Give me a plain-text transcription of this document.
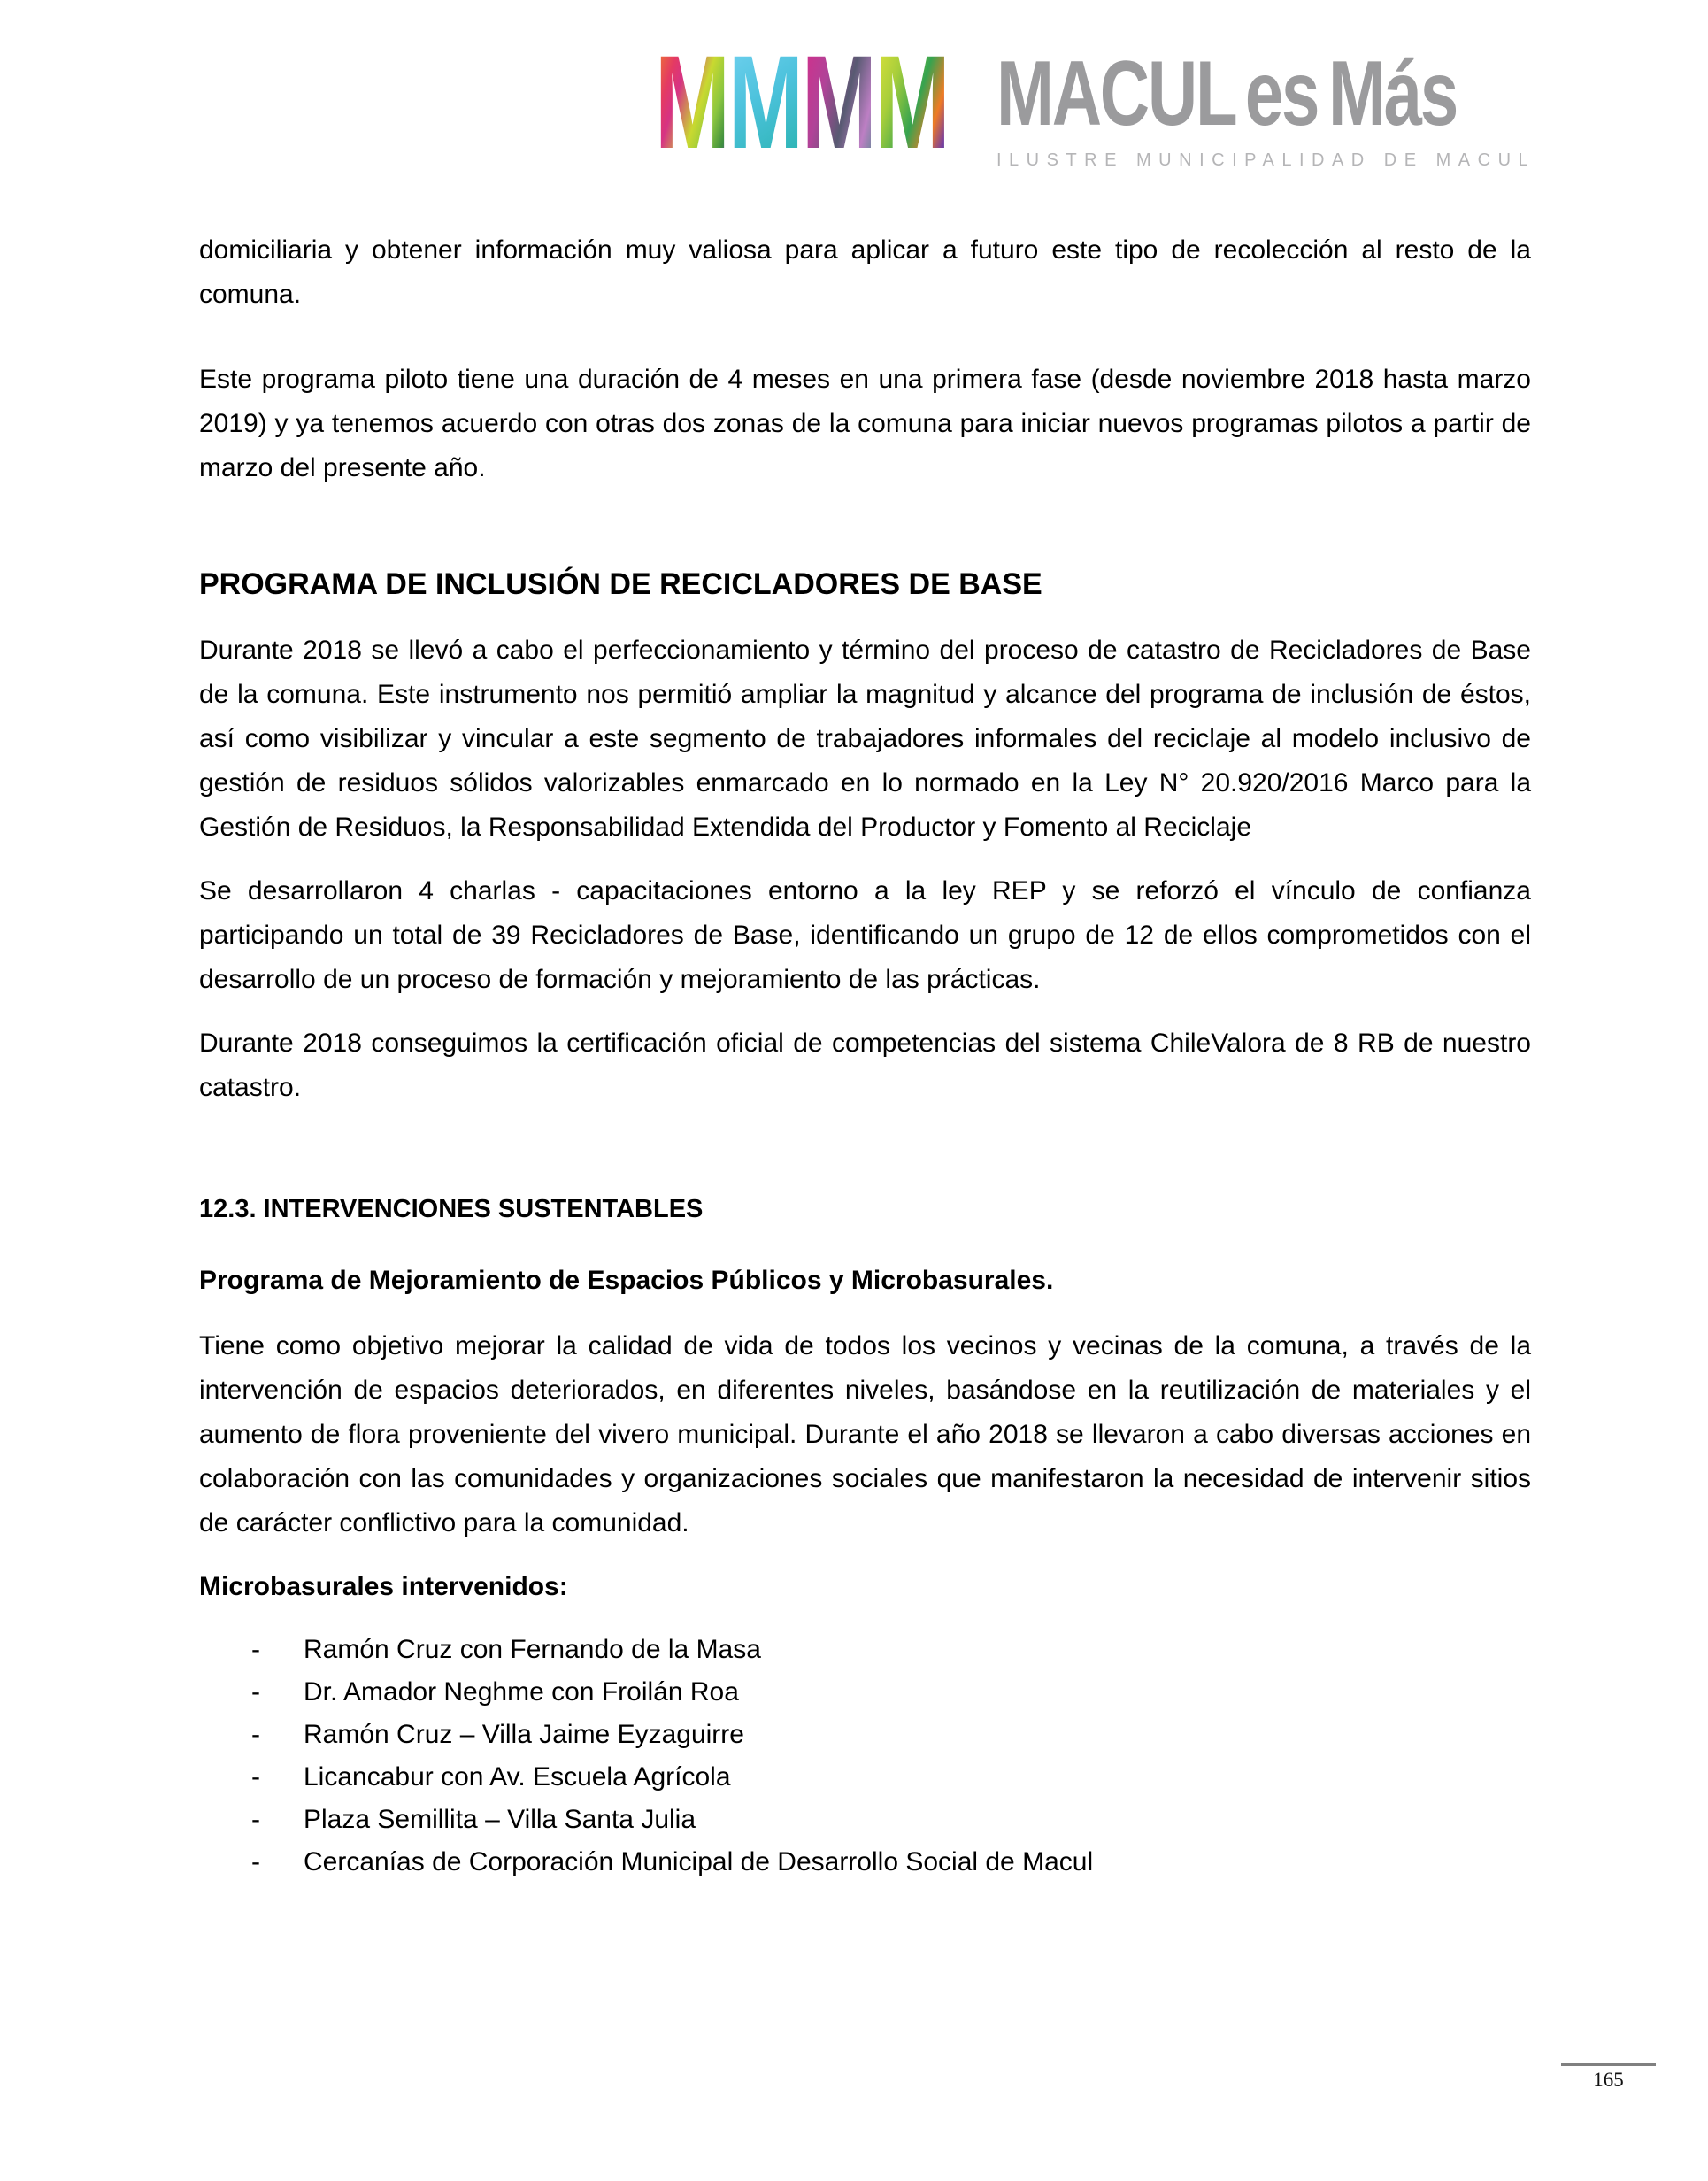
M M M M MACUL es Más
ILUSTRE MUNICIPALIDAD DE MACUL

domiciliaria y obtener información muy valiosa para aplicar a futuro este tipo de recolección al resto de la comuna.

Este programa piloto tiene una duración de 4 meses en una primera fase (desde noviembre 2018 hasta marzo 2019) y ya tenemos acuerdo con otras dos zonas de la comuna para iniciar nuevos programas pilotos a partir de marzo del presente año.

PROGRAMA DE INCLUSIÓN DE RECICLADORES DE BASE

Durante 2018 se llevó a cabo el perfeccionamiento y término del proceso de catastro de Recicladores de Base de la comuna. Este instrumento nos permitió ampliar la magnitud y alcance del programa de inclusión de éstos, así como visibilizar y vincular a este segmento de trabajadores informales del reciclaje al modelo inclusivo de gestión de residuos sólidos valorizables enmarcado en lo normado en la Ley N° 20.920/2016 Marco para la Gestión de Residuos, la Responsabilidad Extendida del Productor y Fomento al Reciclaje

Se desarrollaron 4 charlas - capacitaciones entorno a la ley REP y se reforzó el vínculo de confianza participando un total de 39 Recicladores de Base, identificando un grupo de 12 de ellos comprometidos con el desarrollo de un proceso de formación y mejoramiento de las prácticas.

Durante 2018 conseguimos la certificación oficial de competencias del sistema ChileValora de 8 RB de nuestro catastro.

12.3. INTERVENCIONES SUSTENTABLES
Programa de Mejoramiento de Espacios Públicos y Microbasurales.

Tiene como objetivo mejorar la calidad de vida de todos los vecinos y vecinas de la comuna, a través de la intervención de espacios deteriorados, en diferentes niveles, basándose en la reutilización de materiales y el aumento de flora proveniente del vivero municipal. Durante el año 2018 se llevaron a cabo diversas acciones en colaboración con las comunidades y organizaciones sociales que manifestaron la necesidad de intervenir sitios de carácter conflictivo para la comunidad.

Microbasurales intervenidos:
-	Ramón Cruz con Fernando de la Masa
-	Dr. Amador Neghme con Froilán Roa
-	Ramón Cruz – Villa Jaime Eyzaguirre
-	Licancabur con Av. Escuela Agrícola
-	Plaza Semillita – Villa Santa Julia
-	Cercanías de Corporación Municipal de Desarrollo Social de Macul
165
